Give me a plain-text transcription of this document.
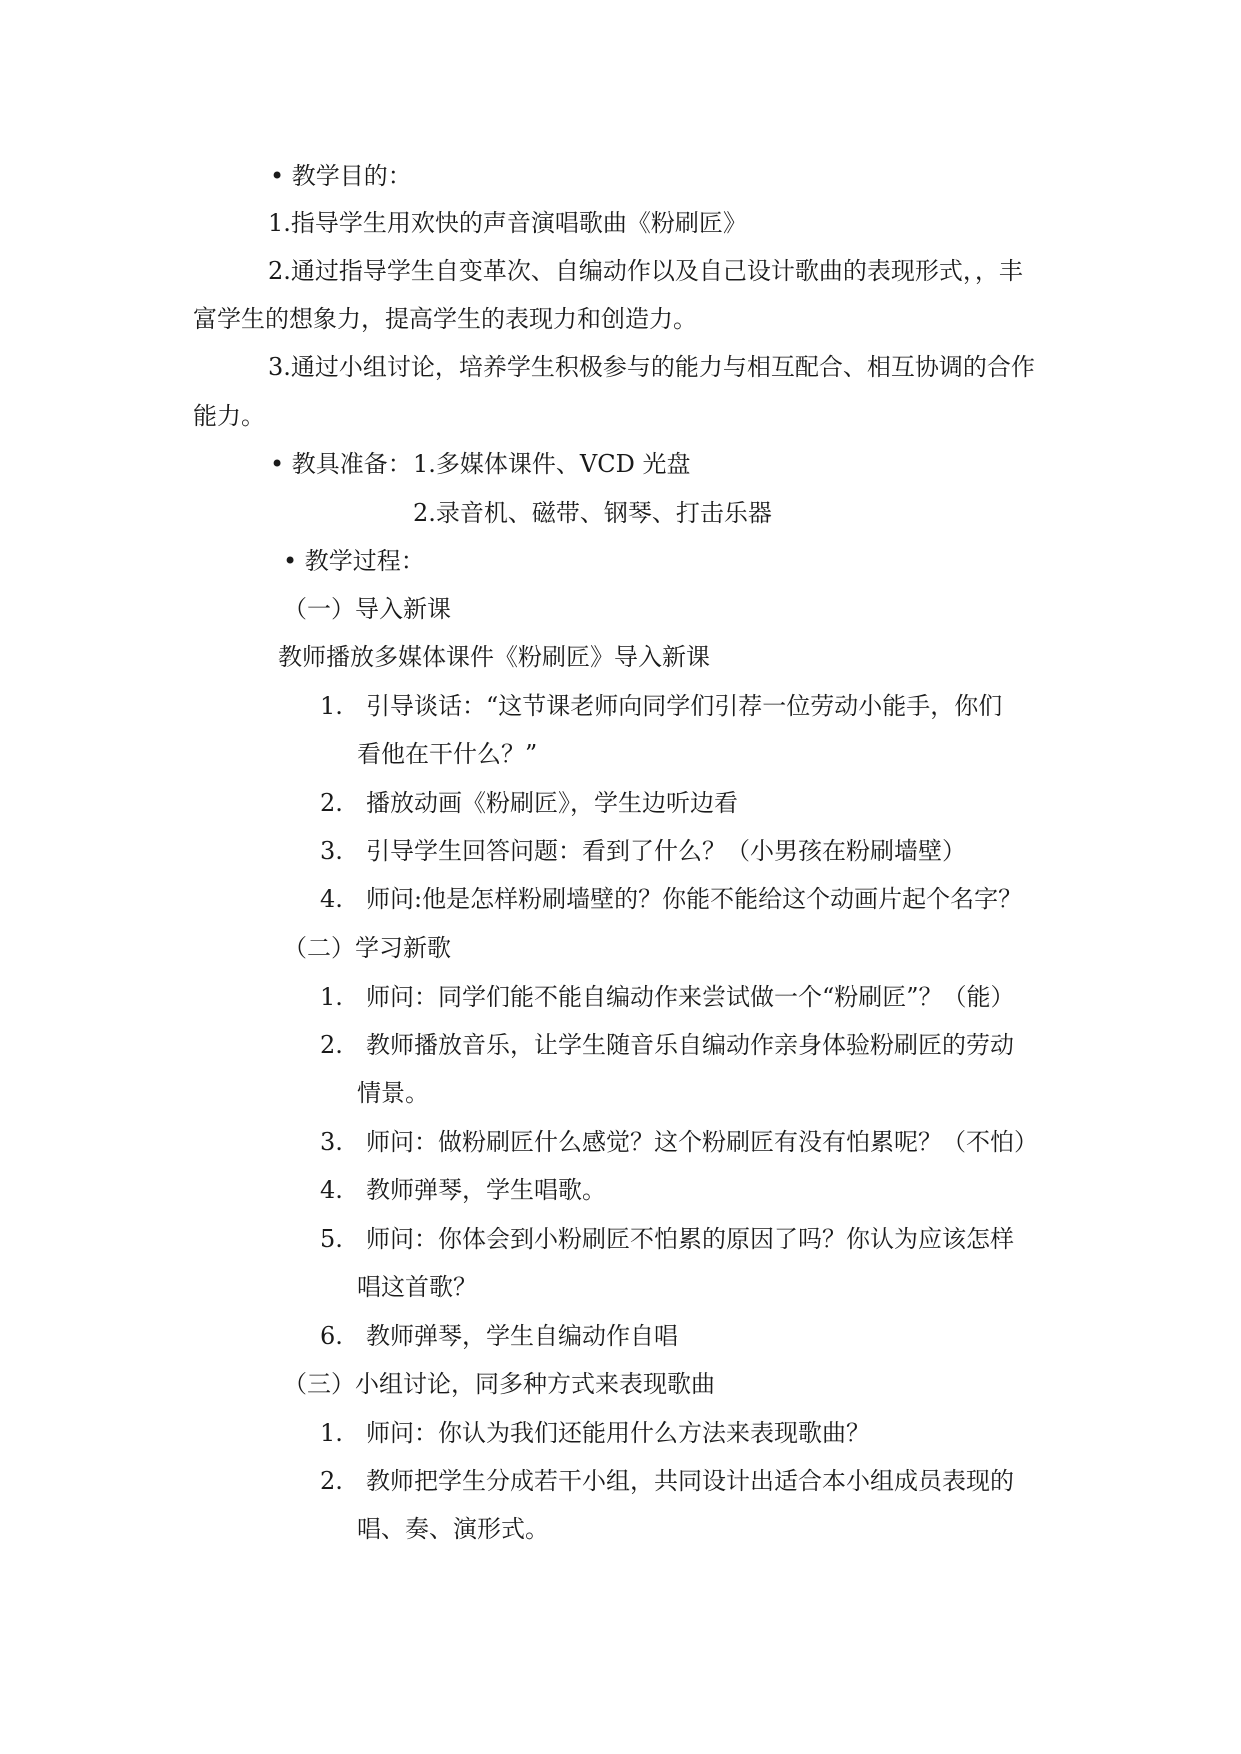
• 教学目的：
1.指导学生用欢快的声音演唱歌曲《粉刷匠》
2.通过指导学生自变革次、自编动作以及自己设计歌曲的表现形式，，丰
富学生的想象力，提高学生的表现力和创造力。
3.通过小组讨论，培养学生积极参与的能力与相互配合、相互协调的合作
能力。
• 教具准备： 1.多媒体课件、VCD 光盘
2.录音机、磁带、钢琴、打击乐器
• 教学过程：
（一）导入新课
教师播放多媒体课件《粉刷匠》导入新课
1. 引导谈话：“这节课老师向同学们引荐一位劳动小能手，你们
看他在干什么？”
2. 播放动画《粉刷匠》，学生边听边看
3. 引导学生回答问题：看到了什么？（小男孩在粉刷墙壁）
4. 师问:他是怎样粉刷墙壁的？你能不能给这个动画片起个名字？
（二）学习新歌
1. 师问：同学们能不能自编动作来尝试做一个“粉刷匠”？（能）
2. 教师播放音乐，让学生随音乐自编动作亲身体验粉刷匠的劳动
情景。
3. 师问：做粉刷匠什么感觉？这个粉刷匠有没有怕累呢？（不怕）
4. 教师弹琴，学生唱歌。
5. 师问：你体会到小粉刷匠不怕累的原因了吗？你认为应该怎样
唱这首歌？
6. 教师弹琴，学生自编动作自唱
（三）小组讨论，同多种方式来表现歌曲
1. 师问：你认为我们还能用什么方法来表现歌曲？
2. 教师把学生分成若干小组，共同设计出适合本小组成员表现的
唱、奏、演形式。
